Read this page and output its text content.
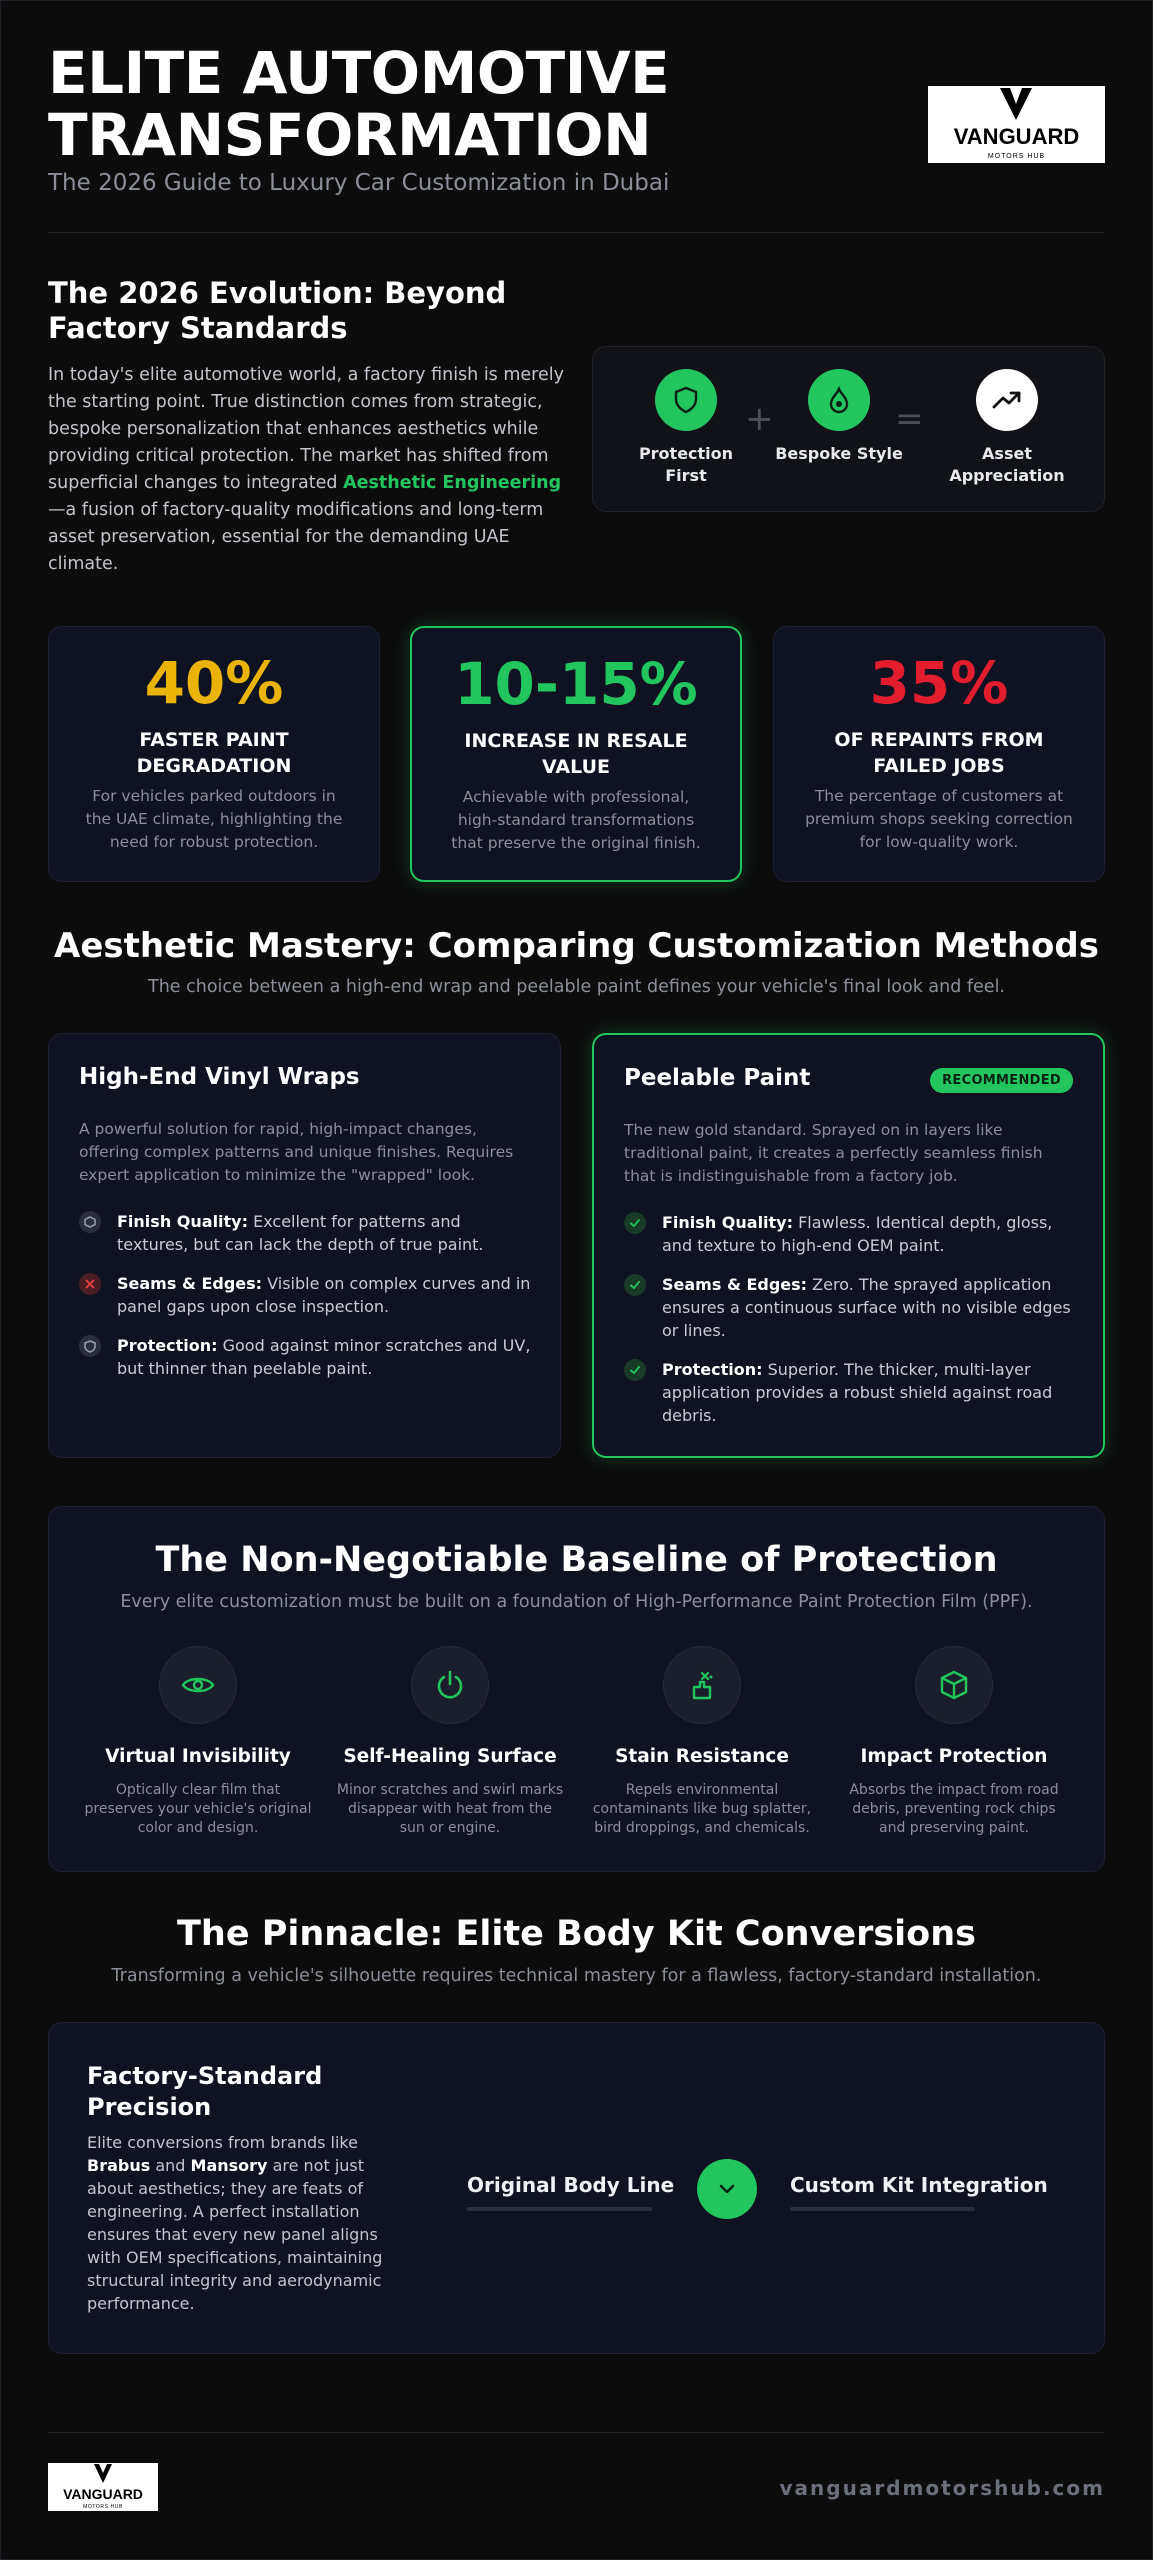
ELITE AUTOMOTIVE TRANSFORMATION
The 2026 Guide to Luxury Car Customization in Dubai
VANGUARD
MOTORS HUB
The 2026 Evolution: Beyond Factory Standards
In today's elite automotive world, a factory finish is merely the starting point. True distinction comes from strategic, bespoke personalization that enhances aesthetics while providing critical protection. The market has shifted from superficial changes to integrated Aesthetic Engineering—a fusion of factory-quality modifications and long-term asset preservation, essential for the demanding UAE climate.
Protection First
+
Bespoke Style
=
Asset Appreciation
40%
FASTER PAINT DEGRADATION
For vehicles parked outdoors in the UAE climate, highlighting the need for robust protection.
10-15%
INCREASE IN RESALE VALUE
Achievable with professional, high-standard transformations that preserve the original finish.
35%
OF REPAINTS FROM FAILED JOBS
The percentage of customers at premium shops seeking correction for low-quality work.
Aesthetic Mastery: Comparing Customization Methods
The choice between a high-end wrap and peelable paint defines your vehicle's final look and feel.
High-End Vinyl Wraps
A powerful solution for rapid, high-impact changes, offering complex patterns and unique finishes. Requires expert application to minimize the "wrapped" look.
Finish Quality: Excellent for patterns and textures, but can lack the depth of true paint.
Seams & Edges: Visible on complex curves and in panel gaps upon close inspection.
Protection: Good against minor scratches and UV, but thinner than peelable paint.
Peelable Paint	RECOMMENDED
The new gold standard. Sprayed on in layers like traditional paint, it creates a perfectly seamless finish that is indistinguishable from a factory job.
Finish Quality: Flawless. Identical depth, gloss, and texture to high-end OEM paint.
Seams & Edges: Zero. The sprayed application ensures a continuous surface with no visible edges or lines.
Protection: Superior. The thicker, multi-layer application provides a robust shield against road debris.
The Non-Negotiable Baseline of Protection
Every elite customization must be built on a foundation of High-Performance Paint Protection Film (PPF).
Virtual Invisibility
Optically clear film that preserves your vehicle's original color and design.
Self-Healing Surface
Minor scratches and swirl marks disappear with heat from the sun or engine.
Stain Resistance
Repels environmental contaminants like bug splatter, bird droppings, and chemicals.
Impact Protection
Absorbs the impact from road debris, preventing rock chips and preserving paint.
The Pinnacle: Elite Body Kit Conversions
Transforming a vehicle's silhouette requires technical mastery for a flawless, factory-standard installation.
Factory-Standard Precision
Elite conversions from brands like Brabus and Mansory are not just about aesthetics; they are feats of engineering. A perfect installation ensures that every new panel aligns with OEM specifications, maintaining structural integrity and aerodynamic performance.
Original Body Line	Custom Kit Integration
VANGUARD
MOTORS HUB
vanguardmotorshub.com
